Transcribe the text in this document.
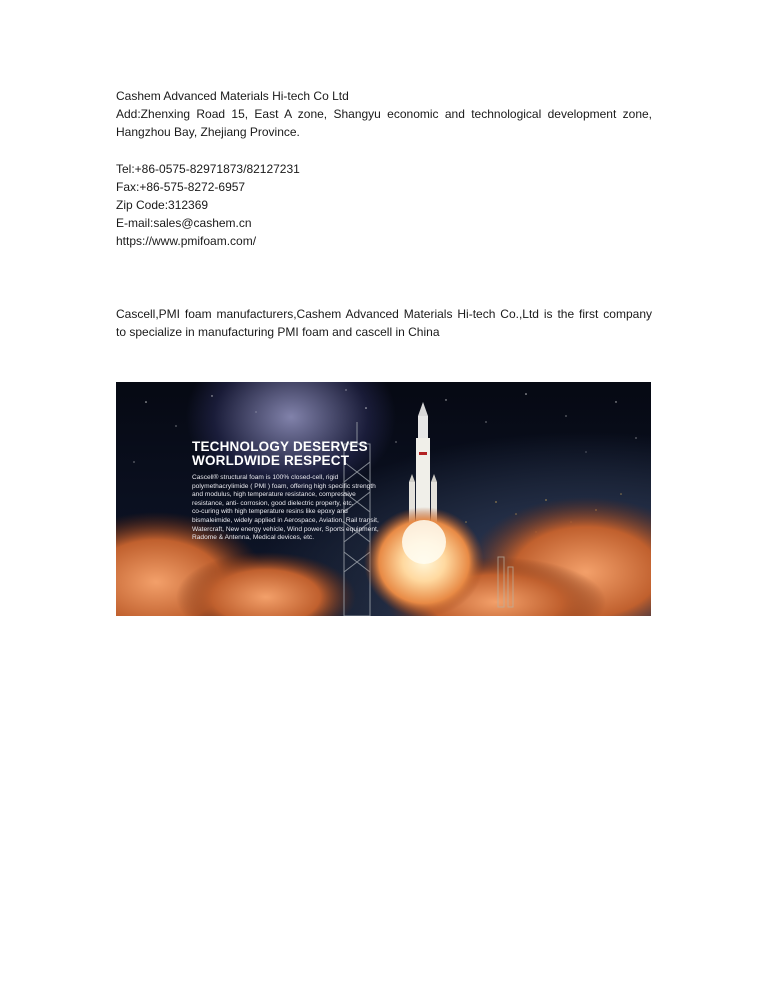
Cashem Advanced Materials Hi-tech Co Ltd
Add:Zhenxing Road 15, East A zone, Shangyu economic and technological development zone,
Hangzhou Bay, Zhejiang Province.
Tel:+86-0575-82971873/82127231
Fax:+86-575-8272-6957
Zip Code:312369
E-mail:sales@cashem.cn
https://www.pmifoam.com/
Cascell,PMI foam manufacturers,Cashem Advanced Materials Hi-tech Co.,Ltd is the first company
to specialize in manufacturing PMI foam and cascell in China
TECHNOLOGY DESERVES
WORLDWIDE RESPECT
Cascell® structural foam is 100% closed-cell, rigid
polymethacrylimide ( PMI ) foam, offering high specific strength
and modulus, high temperature resistance, compressive
resistance, anti- corrosion, good dielectric property, etc.
co-curing with high temperature resins like epoxy and
bismaleimide, widely applied in Aerospace, Aviation, Rail transit,
Watercraft, New energy vehicle, Wind power, Sports equipment,
Radome & Antenna, Medical devices, etc.
